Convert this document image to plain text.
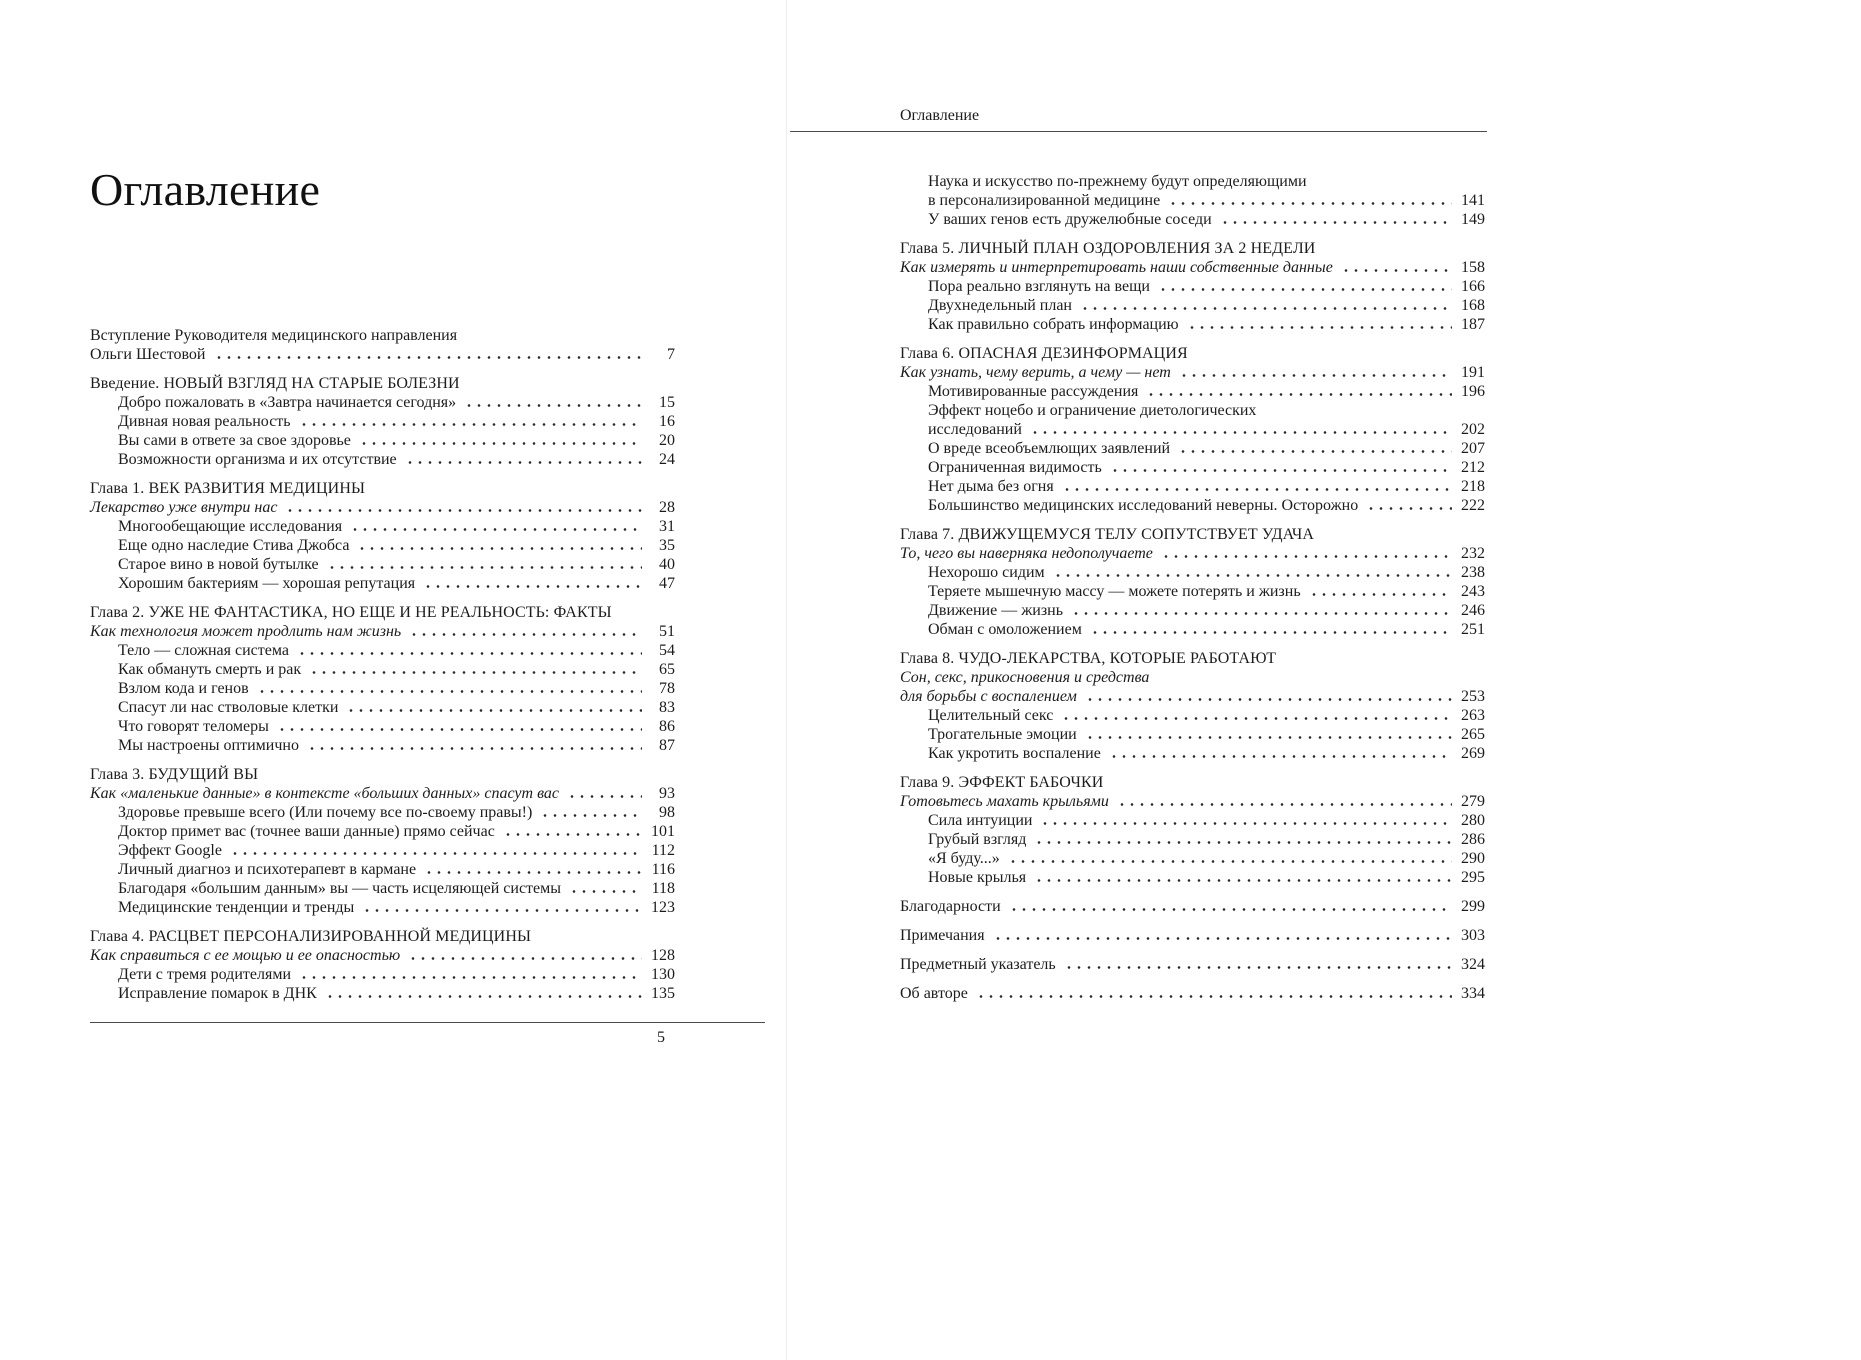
Оглавление
Вступление Руководителя медицинского направления
Ольги Шестовой	7
Введение. НОВЫЙ ВЗГЛЯД НА СТАРЫЕ БОЛЕЗНИ
Добро пожаловать в «Завтра начинается сегодня»	15
Дивная новая реальность	16
Вы сами в ответе за свое здоровье	20
Возможности организма и их отсутствие	24
Глава 1. ВЕК РАЗВИТИЯ МЕДИЦИНЫ
Лекарство уже внутри нас	28
Многообещающие исследования	31
Еще одно наследие Стива Джобса	35
Старое вино в новой бутылке	40
Хорошим бактериям — хорошая репутация	47
Глава 2. УЖЕ НЕ ФАНТАСТИКА, НО ЕЩЕ И НЕ РЕАЛЬНОСТЬ: ФАКТЫ
Как технология может продлить нам жизнь	51
Тело — сложная система	54
Как обмануть смерть и рак	65
Взлом кода и генов	78
Спасут ли нас стволовые клетки	83
Что говорят теломеры	86
Мы настроены оптимично	87
Глава 3. БУДУЩИЙ ВЫ
Как «маленькие данные» в контексте «больших данных» спасут вас	93
Здоровье превыше всего (Или почему все по-своему правы!)	98
Доктор примет вас (точнее ваши данные) прямо сейчас	101
Эффект Google	112
Личный диагноз и психотерапевт в кармане	116
Благодаря «большим данным» вы — часть исцеляющей системы	118
Медицинские тенденции и тренды	123
Глава 4. РАСЦВЕТ ПЕРСОНАЛИЗИРОВАННОЙ МЕДИЦИНЫ
Как справиться с ее мощью и ее опасностью	128
Дети с тремя родителями	130
Исправление помарок в ДНК	135
Оглавление
Наука и искусство по-прежнему будут определяющими
в персонализированной медицине	141
У ваших генов есть дружелюбные соседи	149
Глава 5. ЛИЧНЫЙ ПЛАН ОЗДОРОВЛЕНИЯ ЗА 2 НЕДЕЛИ
Как измерять и интерпретировать наши собственные данные	158
Пора реально взглянуть на вещи	166
Двухнедельный план	168
Как правильно собрать информацию	187
Глава 6. ОПАСНАЯ ДЕЗИНФОРМАЦИЯ
Как узнать, чему верить, а чему — нет	191
Мотивированные рассуждения	196
Эффект ноцебо и ограничение диетологических
исследований	202
О вреде всеобъемлющих заявлений	207
Ограниченная видимость	212
Нет дыма без огня	218
Большинство медицинских исследований неверны. Осторожно	222
Глава 7. ДВИЖУЩЕМУСЯ ТЕЛУ СОПУТСТВУЕТ УДАЧА
То, чего вы наверняка недополучаете	232
Нехорошо сидим	238
Теряете мышечную массу — можете потерять и жизнь	243
Движение — жизнь	246
Обман с омоложением	251
Глава 8. ЧУДО-ЛЕКАРСТВА, КОТОРЫЕ РАБОТАЮТ
Сон, секс, прикосновения и средства
для борьбы с воспалением	253
Целительный секс	263
Трогательные эмоции	265
Как укротить воспаление	269
Глава 9. ЭФФЕКТ БАБОЧКИ
Готовьтесь махать крыльями	279
Сила интуиции	280
Грубый взгляд	286
«Я буду...»	290
Новые крылья	295
Благодарности	299
Примечания	303
Предметный указатель	324
Об авторе	334
5
